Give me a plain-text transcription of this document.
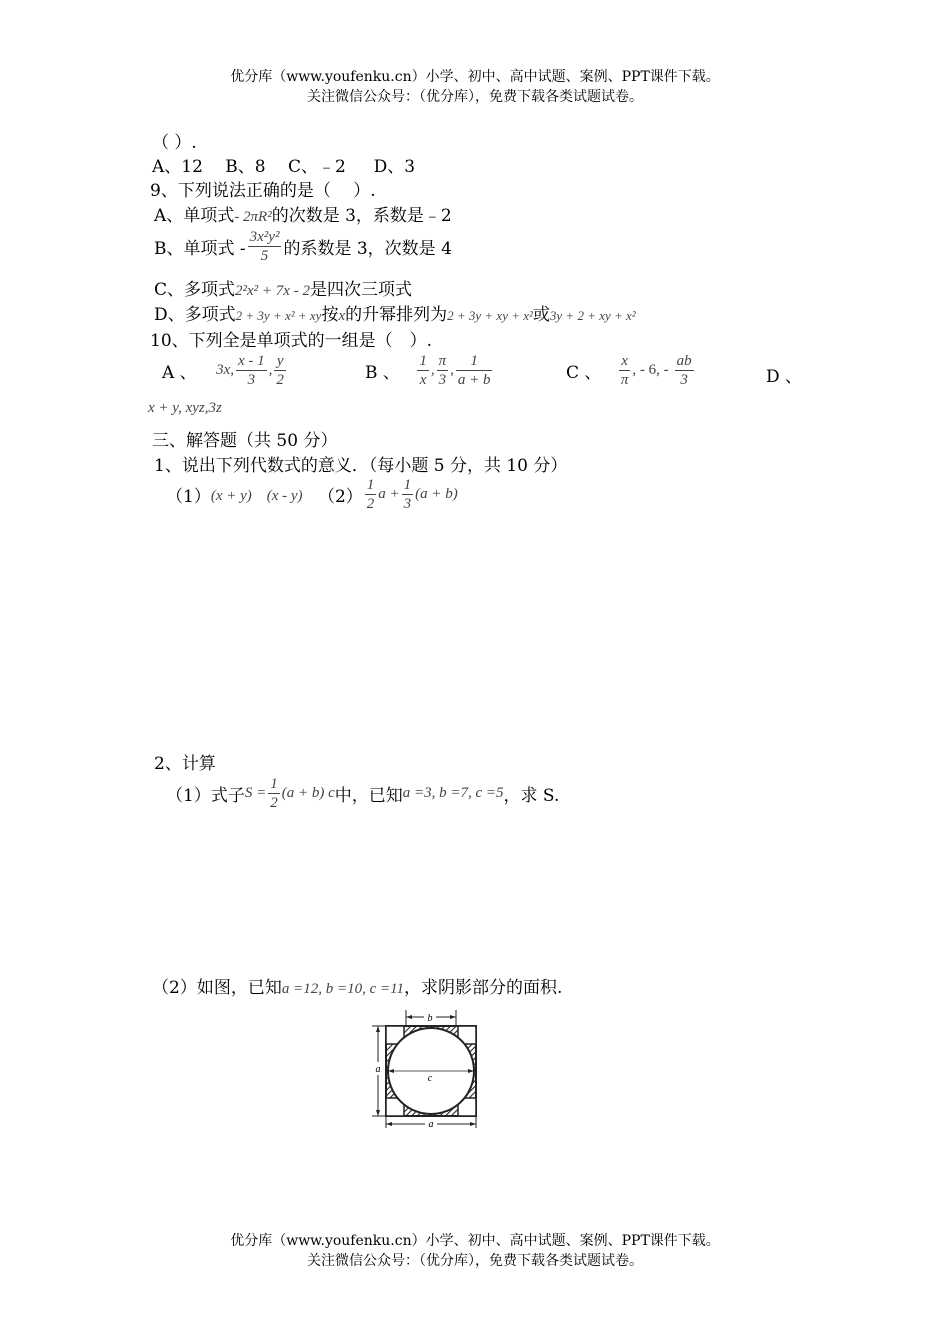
优分库（www.youfenku.cn）小学、初中、高中试题、案例、PPT课件下载。
关注微信公众号：（优分库），免费下载各类试题试卷。
（ ）.
A、12 　B、8 　C、﹣2 　 D、3
9、下列说法正确的是（　 ）.
A、单项式- 2πR²的次数是 3，系数是﹣2
B、单项式 - $\frac{\text{3x²y²}}{5}$ 的系数是 3，次数是 4
C、多项式2²x² + 7x - 2是四次三项式
D、多项式2 + 3y + x² + xy按x的升幂排列为2 + 3y + xy + x²或3y + 2 + xy + x²
10、下列全是单项式的一组是（　）.
A 、 3x, $\frac{x - 1}{3}$ , $\frac{y}{2}$	B 、 $\frac{1}{x}$ , $\frac{\pi}{3}$ , $\frac{1}{a + b}$	C 、 $\frac{x}{\pi}$ , - 6, - $\frac{ab}{3}$	D 、
x + y, xyz,3z
三、解答题（共 50 分）
1、说出下列代数式的意义．（每小题 5 分，共 10 分）
（1）(x + y)　(x - y) $(2) \frac{1}{2}$ $a + \frac{1}{3} (a + b)$
2、计算
（1）式子$S = \frac{1}{2} (a + b)$ c中，已知a =3, b =7, c =5，求 S.
（2）如图，已知a =12, b =10, c =11，求阴影部分的面积.
b
c
a
a
优分库（www.youfenku.cn）小学、初中、高中试题、案例、PPT课件下载。
关注微信公众号：（优分库），免费下载各类试题试卷。
